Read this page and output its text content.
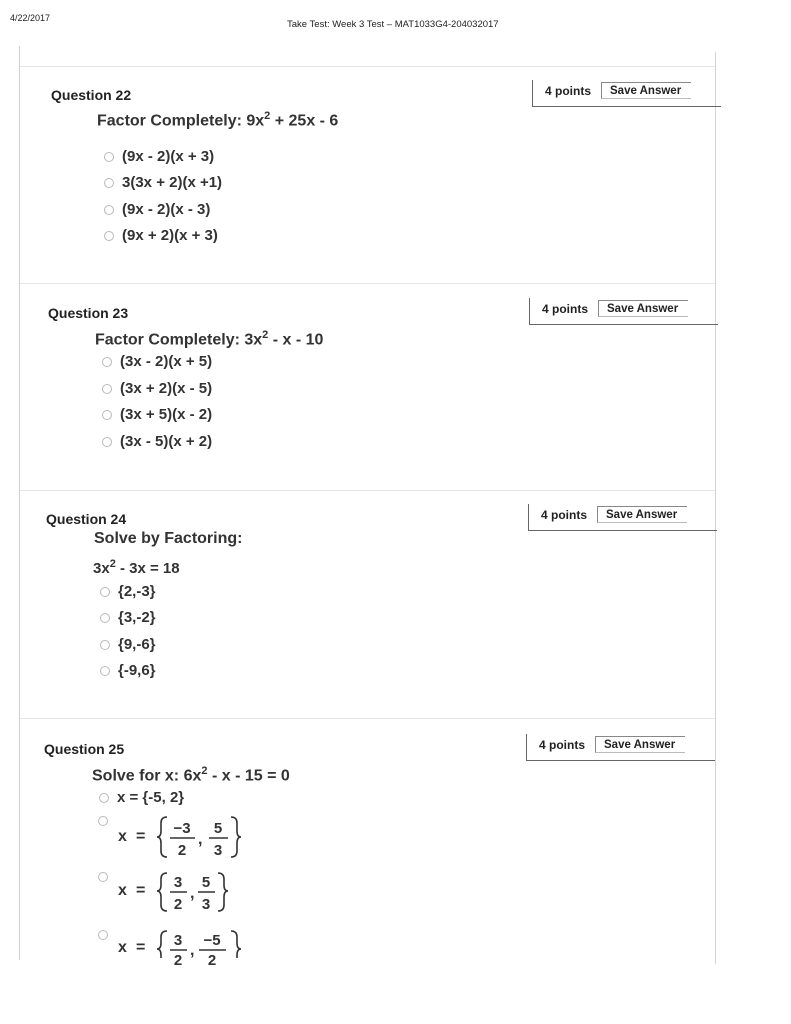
4/22/2017
Take Test: Week 3 Test – MAT1033G4-204032017
Question 22	4 points	Save Answer
Factor Completely: $9x^2 + 25x - 6$
(9x - 2)(x + 3)
3(3x + 2)(x +1)
(9x - 2)(x - 3)
(9x + 2)(x + 3)
Question 23	4 points	Save Answer
Factor Completely: $3x^2$ - x - 10
(3x - 2)(x + 5)
(3x + 2)(x - 5)
(3x + 5)(x - 2)
(3x - 5)(x + 2)
Question 24	4 points	Save Answer
Solve by Factoring:
$3x^2 - 3x = 18$
{2,-3}
{3,-2}
{9,-6}
{-9,6}
Question 25	4 points	Save Answer
Solve for x: $6x^2 - x - 15 = 0$
x = {-5, 2}
x = −3
2
,
5
3
x = 3
2
,
5
3
x = 3
2
,
−5
2
